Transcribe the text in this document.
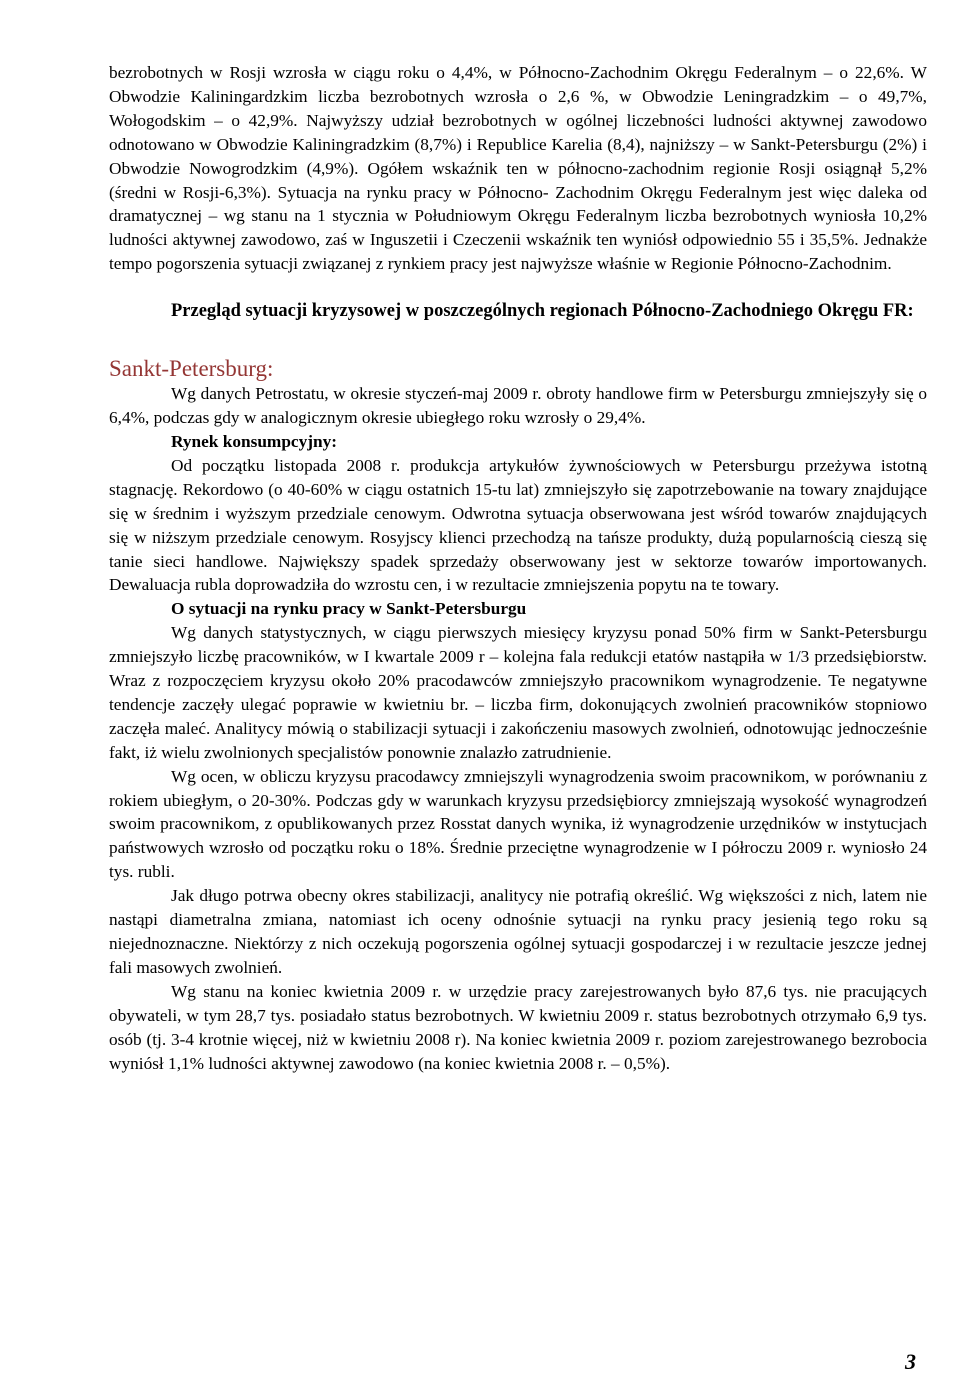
bezrobotnych w Rosji wzrosła w ciągu roku o 4,4%, w Północno-Zachodnim Okręgu Federalnym – o 22,6%. W Obwodzie Kaliningardzkim liczba bezrobotnych wzrosła o 2,6 %, w Obwodzie Leningradzkim – o 49,7%, Wołogodskim – o 42,9%. Najwyższy udział bezrobotnych w ogólnej liczebności ludności aktywnej zawodowo odnotowano w Obwodzie Kaliningradzkim (8,7%) i Republice Karelia (8,4), najniższy – w Sankt-Petersburgu (2%) i Obwodzie Nowogrodzkim (4,9%). Ogółem wskaźnik ten w północno-zachodnim regionie Rosji osiągnął 5,2% (średni w Rosji-6,3%). Sytuacja na rynku pracy w Północno- Zachodnim Okręgu Federalnym jest więc daleka od dramatycznej – wg stanu na 1 stycznia w Południowym Okręgu Federalnym liczba bezrobotnych wyniosła 10,2% ludności aktywnej zawodowo, zaś w Inguszetii i Czeczenii wskaźnik ten wyniósł odpowiednio 55 i 35,5%. Jednakże tempo pogorszenia sytuacji związanej z rynkiem pracy jest najwyższe właśnie w Regionie Północno-Zachodnim.

Przegląd sytuacji kryzysowej w poszczególnych regionach Północno-Zachodniego Okręgu FR:

Sankt-Petersburg:

Wg danych Petrostatu, w okresie styczeń-maj 2009 r. obroty handlowe firm w Petersburgu zmniejszyły się o 6,4%, podczas gdy w analogicznym okresie ubiegłego roku wzrosły o 29,4%.

Rynek konsumpcyjny:

Od początku listopada 2008 r. produkcja artykułów żywnościowych w Petersburgu przeżywa istotną stagnację. Rekordowo (o 40-60% w ciągu ostatnich 15-tu lat) zmniejszyło się zapotrzebowanie na towary znajdujące się w średnim i wyższym przedziale cenowym. Odwrotna sytuacja obserwowana jest wśród towarów znajdujących się w niższym przedziale cenowym. Rosyjscy klienci przechodzą na tańsze produkty, dużą popularnością cieszą się tanie sieci handlowe. Największy spadek sprzedaży obserwowany jest w sektorze towarów importowanych. Dewaluacja rubla doprowadziła do wzrostu cen, i w rezultacie zmniejszenia popytu na te towary.

O sytuacji na rynku pracy w Sankt-Petersburgu

Wg danych statystycznych, w ciągu pierwszych miesięcy kryzysu ponad 50% firm w Sankt-Petersburgu zmniejszyło liczbę pracowników, w I kwartale 2009 r – kolejna fala redukcji etatów nastąpiła w 1/3 przedsiębiorstw. Wraz z rozpoczęciem kryzysu około 20% pracodawców zmniejszyło pracownikom wynagrodzenie. Te negatywne tendencje zaczęły ulegać poprawie w kwietniu br. – liczba firm, dokonujących zwolnień pracowników stopniowo zaczęła maleć. Analitycy mówią o stabilizacji sytuacji i zakończeniu masowych zwolnień, odnotowując jednocześnie fakt, iż wielu zwolnionych specjalistów ponownie znalazło zatrudnienie.

Wg ocen, w obliczu kryzysu pracodawcy zmniejszyli wynagrodzenia swoim pracownikom, w porównaniu z rokiem ubiegłym, o 20-30%. Podczas gdy w warunkach kryzysu przedsiębiorcy zmniejszają wysokość wynagrodzeń swoim pracownikom, z opublikowanych przez Rosstat danych wynika, iż wynagrodzenie urzędników w instytucjach państwowych wzrosło od początku roku o 18%. Średnie przeciętne wynagrodzenie w I półroczu 2009 r. wyniosło 24 tys. rubli.

Jak długo potrwa obecny okres stabilizacji, analitycy nie potrafią określić. Wg większości z nich, latem nie nastąpi diametralna zmiana, natomiast ich oceny odnośnie sytuacji na rynku pracy jesienią tego roku są niejednoznaczne. Niektórzy z nich oczekują pogorszenia ogólnej sytuacji gospodarczej i w rezultacie jeszcze jednej fali masowych zwolnień.

Wg stanu na koniec kwietnia 2009 r. w urzędzie pracy zarejestrowanych było 87,6 tys. nie pracujących obywateli, w tym 28,7 tys. posiadało status bezrobotnych. W kwietniu 2009 r. status bezrobotnych otrzymało 6,9 tys. osób (tj. 3-4 krotnie więcej, niż w kwietniu 2008 r). Na koniec kwietnia 2009 r. poziom zarejestrowanego bezrobocia wyniósł 1,1% ludności aktywnej zawodowo (na koniec kwietnia 2008 r. – 0,5%).

3
